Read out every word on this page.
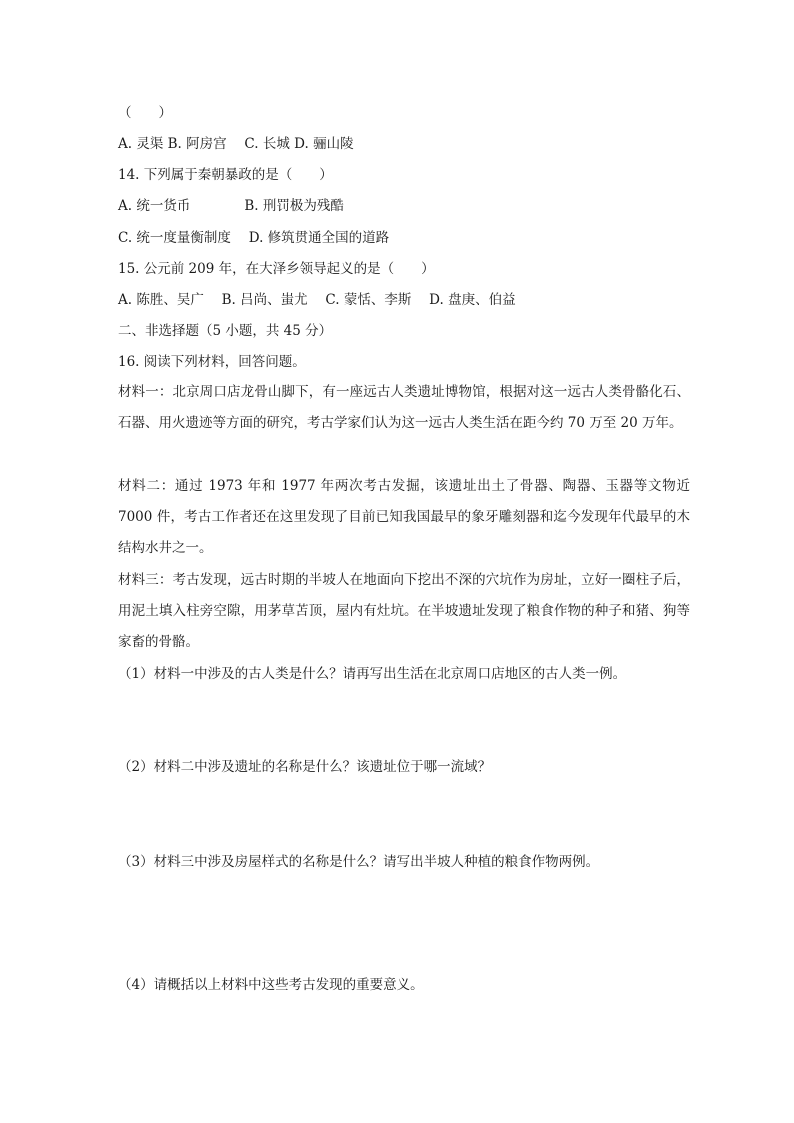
（　　）
A. 灵渠 B. 阿房宫　 C. 长城 D. 骊山陵
14. 下列属于秦朝暴政的是（　　）
A. 统一货币　　　　B. 刑罚极为残酷
C. 统一度量衡制度　 D. 修筑贯通全国的道路
15. 公元前 209 年，在大泽乡领导起义的是（　　）
A. 陈胜、吴广　 B. 吕尚、蚩尤　 C. 蒙恬、李斯　 D. 盘庚、伯益
二、非选择题（5 小题，共 45 分）
16. 阅读下列材料，回答问题。
材料一：北京周口店龙骨山脚下，有一座远古人类遗址博物馆，根据对这一远古人类骨骼化石、石器、用火遗迹等方面的研究，考古学家们认为这一远古人类生活在距今约 70 万至 20 万年。
材料二：通过 1973 年和 1977 年两次考古发掘，该遗址出土了骨器、陶器、玉器等文物近 7000 件，考古工作者还在这里发现了目前已知我国最早的象牙雕刻器和迄今发现年代最早的木结构水井之一。
材料三：考古发现，远古时期的半坡人在地面向下挖出不深的穴坑作为房址，立好一圈柱子后，用泥土填入柱旁空隙，用茅草苫顶，屋内有灶坑。在半坡遗址发现了粮食作物的种子和猪、狗等家畜的骨骼。
（1）材料一中涉及的古人类是什么？请再写出生活在北京周口店地区的古人类一例。
（2）材料二中涉及遗址的名称是什么？该遗址位于哪一流域？
（3）材料三中涉及房屋样式的名称是什么？请写出半坡人种植的粮食作物两例。
（4）请概括以上材料中这些考古发现的重要意义。
